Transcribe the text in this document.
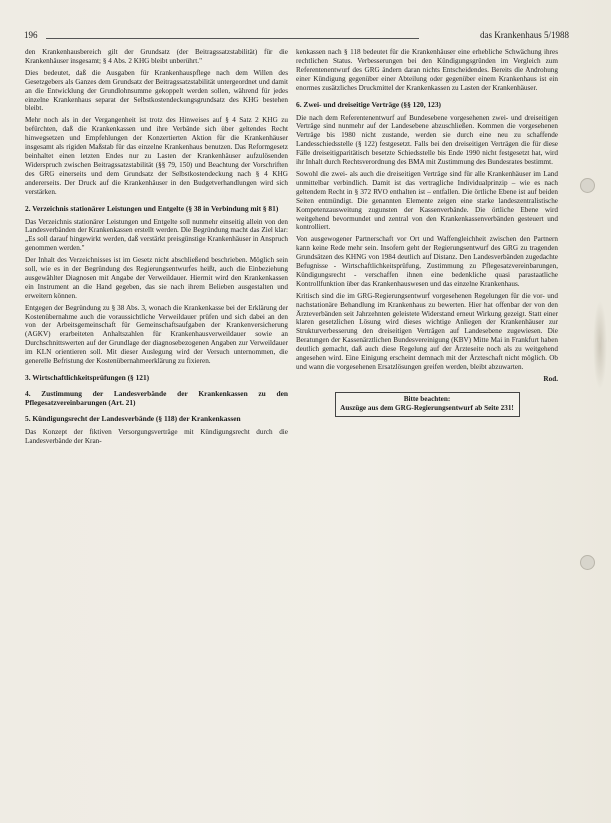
196	das Krankenhaus 5/1988

den Krankenhausbereich gilt der Grundsatz (der Beitragssatzstabilität) für die Krankenhäuser insgesamt; § 4 Abs. 2 KHG bleibt unberührt."

Dies bedeutet, daß die Ausgaben für Krankenhauspflege nach dem Willen des Gesetzgebers als Ganzes dem Grundsatz der Beitragssatzstabilität untergeordnet und damit an die Entwicklung der Grundlohnsumme gekoppelt werden sollen, während für jedes einzelne Krankenhaus separat der Selbstkostendeckungsgrundsatz des KHG bestehen bleibt.

Mehr noch als in der Vergangenheit ist trotz des Hinweises auf § 4 Satz 2 KHG zu befürchten, daß die Krankenkassen und ihre Verbände sich über geltendes Recht hinwegsetzen und Empfehlungen der Konzertierten Aktion für die Krankenhäuser insgesamt als rigiden Maßstab für das einzelne Krankenhaus benutzen. Das Reformgesetz beinhaltet einen letzten Endes nur zu Lasten der Krankenhäuser aufzulösenden Widerspruch zwischen Beitragssatzstabilität (§§ 79, 150) und Beachtung der Vorschriften des GRG einerseits und dem Grundsatz der Selbstkostendeckung nach § 4 KHG andererseits. Der Druck auf die Krankenhäuser in den Budgetverhandlungen wird sich verstärken.

2. Verzeichnis stationärer Leistungen und Entgelte (§ 38 in Verbindung mit § 81)

Das Verzeichnis stationärer Leistungen und Entgelte soll nunmehr einseitig allein von den Landesverbänden der Krankenkassen erstellt werden. Die Begründung macht das Ziel klar: „Es soll darauf hingewirkt werden, daß verstärkt preisgünstige Krankenhäuser in Anspruch genommen werden."

Der Inhalt des Verzeichnisses ist im Gesetz nicht abschließend beschrieben. Möglich sein soll, wie es in der Begründung des Regierungsentwurfes heißt, auch die Einbeziehung ausgewählter Diagnosen mit Angabe der Verweildauer. Hiermit wird den Krankenkassen ein Instrument an die Hand gegeben, das sie nach ihrem Belieben ausgestalten und erweitern können.

Entgegen der Begründung zu § 38 Abs. 3, wonach die Krankenkasse bei der Erklärung der Kostenübernahme auch die voraussichtliche Verweildauer prüfen und sich dabei an den von der Arbeitsgemeinschaft für Gemeinschaftsaufgaben der Krankenversicherung (AGKV) erarbeiteten Anhaltszahlen für Krankenhausverweildauer sowie an Durchschnittswerten auf der Grundlage der diagnosebezogenen Angaben zur Verweildauer im KLN orientieren soll. Mit dieser Auslegung wird der Versuch unternommen, die generelle Befristung der Kostenübernahmeerklärung zu fixieren.

3. Wirtschaftlichkeitsprüfungen (§ 121)
4. Zustimmung der Landesverbände der Krankenkassen zu den Pflegesatzvereinbarungen (Art. 21)
5. Kündigungsrecht der Landesverbände (§ 118) der Krankenkassen

Das Konzept der fiktiven Versorgungsverträge mit Kündigungsrecht durch die Landesverbände der Kran-

kenkassen nach § 118 bedeutet für die Krankenhäuser eine erhebliche Schwächung ihres rechtlichen Status. Verbesserungen bei den Kündigungsgründen im Vergleich zum Referentenentwurf des GRG ändern daran nichts Entscheidendes. Bereits die Androhung einer Kündigung gegenüber einer Abteilung oder gegenüber einem Krankenhaus ist ein enormes zusätzliches Druckmittel der Krankenkassen zu Lasten der Krankenhäuser.

6. Zwei- und dreiseitige Verträge (§§ 120, 123)

Die nach dem Referentenentwurf auf Bundesebene vorgesehenen zwei- und dreiseitigen Verträge sind nunmehr auf der Landesebene abzuschließen. Kommen die vorgesehenen Verträge bis 1980 nicht zustande, werden sie durch eine neu zu schaffende Landesschiedsstelle (§ 122) festgesetzt. Falls bei den dreiseitigen Verträgen die für diese Fälle dreiseitigparitätisch besetzte Schiedsstelle bis Ende 1990 nicht festgesetzt hat, wird ihr Inhalt durch Rechtsverordnung des BMA mit Zustimmung des Bundesrates bestimmt.

Sowohl die zwei- als auch die dreiseitigen Verträge sind für alle Krankenhäuser im Land unmittelbar verbindlich. Damit ist das vertragliche Individualprinzip – wie es nach geltendem Recht in § 372 RVO enthalten ist – entfallen. Die örtliche Ebene ist auf beiden Seiten entmündigt. Die genannten Elemente zeigen eine starke landeszentralistische Kompetenzausweitung zugunsten der Kassenverbände. Die örtliche Ebene wird weitgehend bevormundet und zentral von den Krankenkassenverbänden gesteuert und kontrolliert.

Von ausgewogener Partnerschaft vor Ort und Waffengleichheit zwischen den Partnern kann keine Rede mehr sein. Insofern geht der Regierungsentwurf des GRG zu tragenden Grundsätzen des KHNG von 1984 deutlich auf Distanz. Den Landesverbänden zugedachte Befugnisse - Wirtschaftlichkeitsprüfung, Zustimmung zu Pflegesatzvereinbarungen, Kündigungsrecht - verschaffen ihnen eine bedenkliche quasi parastaatliche Kontrollfunktion über das Krankenhauswesen und das einzelne Krankenhaus.

Kritisch sind die im GRG-Regierungsentwurf vorgesehenen Regelungen für die vor- und nachstationäre Behandlung im Krankenhaus zu bewerten. Hier hat offenbar der von den Ärzteverbänden seit Jahrzehnten geleistete Widerstand erneut Wirkung gezeigt. Statt einer klaren gesetzlichen Lösung wird dieses wichtige Anliegen der Krankenhäuser zur Strukturverbesserung den dreiseitigen Verträgen auf Landesebene zugewiesen. Die Beratungen der Kassenärztlichen Bundesvereinigung (KBV) Mitte Mai in Frankfurt haben deutlich gemacht, daß auch diese Regelung auf der Ärzteseite noch als zu weitgehend angesehen wird. Eine Einigung erscheint demnach mit der Ärzteschaft nicht möglich. Ob und wann die vorgesehenen Ersatzlösungen greifen werden, bleibt abzuwarten.

Rod.

Bitte beachten:
Auszüge aus dem GRG-Regierungsentwurf ab Seite 231!
